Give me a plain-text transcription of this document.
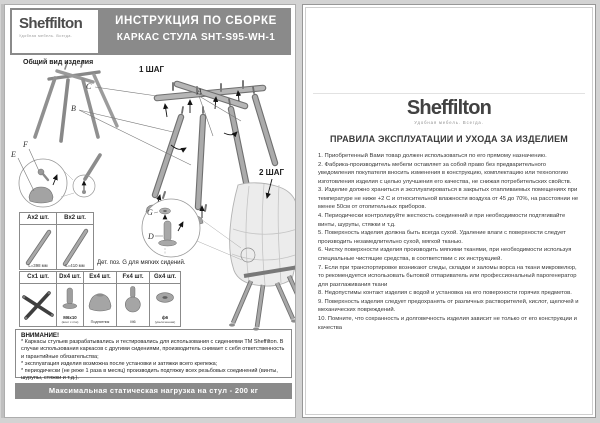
C
B
A
F
E
G
D
1 ШАГ
2 ШАГ
Sheffilton
Удобная мебель. Всегда.
ИНСТРУКЦИЯ ПО СБОРКЕ
КАРКАС СТУЛА SHT-S95-WH-1
Общий вид изделия
Ax2 шт.
L=398 мм
Bx2 шт.
L=410 мм	Дет. поз. G для мягких сидений.
Cx1 шт.	Dx4 шт.
M6x10
(винт с п/ш)
Ex4 шт.
Подпятник
Fx4 шт.
M6
Gx4 шт.
ф6
(увеличенная)
ВНИМАНИЕ!
* Каркасы стульев разрабатывались и тестировались для использования с сидениями ТМ Sheffilton. В случае использования каркасов с другими сидениями, производитель снимает с себя ответственность и гарантийные обязательства;
* эксплуатация изделия возможна после установки и затяжки всего крепежа;
* периодически (не реже 1 раза в месяц) производить подтяжку всех резьбовых соединений (винты, шурупы, стяжки и т.д.).
Максимальная статическая нагрузка на стул - 200 кг
Sheffilton
Удобная мебель. Всегда.
ПРАВИЛА ЭКСПЛУАТАЦИИ И УХОДА ЗА ИЗДЕЛИЕМ
1. Приобретенный Вами товар должен использоваться по его прямому назначению.
2. Фабрика-производитель мебели оставляет за собой право без предварительного уведомления покупателя вносить изменения в конструкцию, комплектацию или технологию изготовления изделия с целью улучшения его качества, не снижая потребительских свойств.
3. Изделие должно храниться и эксплуатироваться в закрытых отапливаемых помещениях при температуре не ниже +2 С и относительной влажности воздуха от 45 до 70%, на расстоянии не менее 50см от отопительных приборов.
4. Периодически контролируйте жесткость соединений и при необходимости подтягивайте винты, шурупы, стяжки и т.д.
5. Поверхность изделия должна быть всегда сухой. Удаление влаги с поверхности следует производить незамедлительно сухой, мягкой тканью.
6. Чистку поверхности изделия производить мягкими тканями, при необходимости используя специальные чистящие средства, в соответствии с их инструкцией.
7. Если при транспортировке возникают следы, складки и заломы ворса на ткани микровелюр, то рекомендуется использовать бытовой отпариватель или профессиональный парогенератор для разглаживания ткани
8. Недопустимы контакт изделия с водой и установка на его поверхности горячих предметов.
9. Поверхность изделия следует предохранять от различных растворителей, кислот, щелочей и механических повреждений.
10. Помните, что сохранность и долговечность изделия зависит не только от его конструкции и качества
